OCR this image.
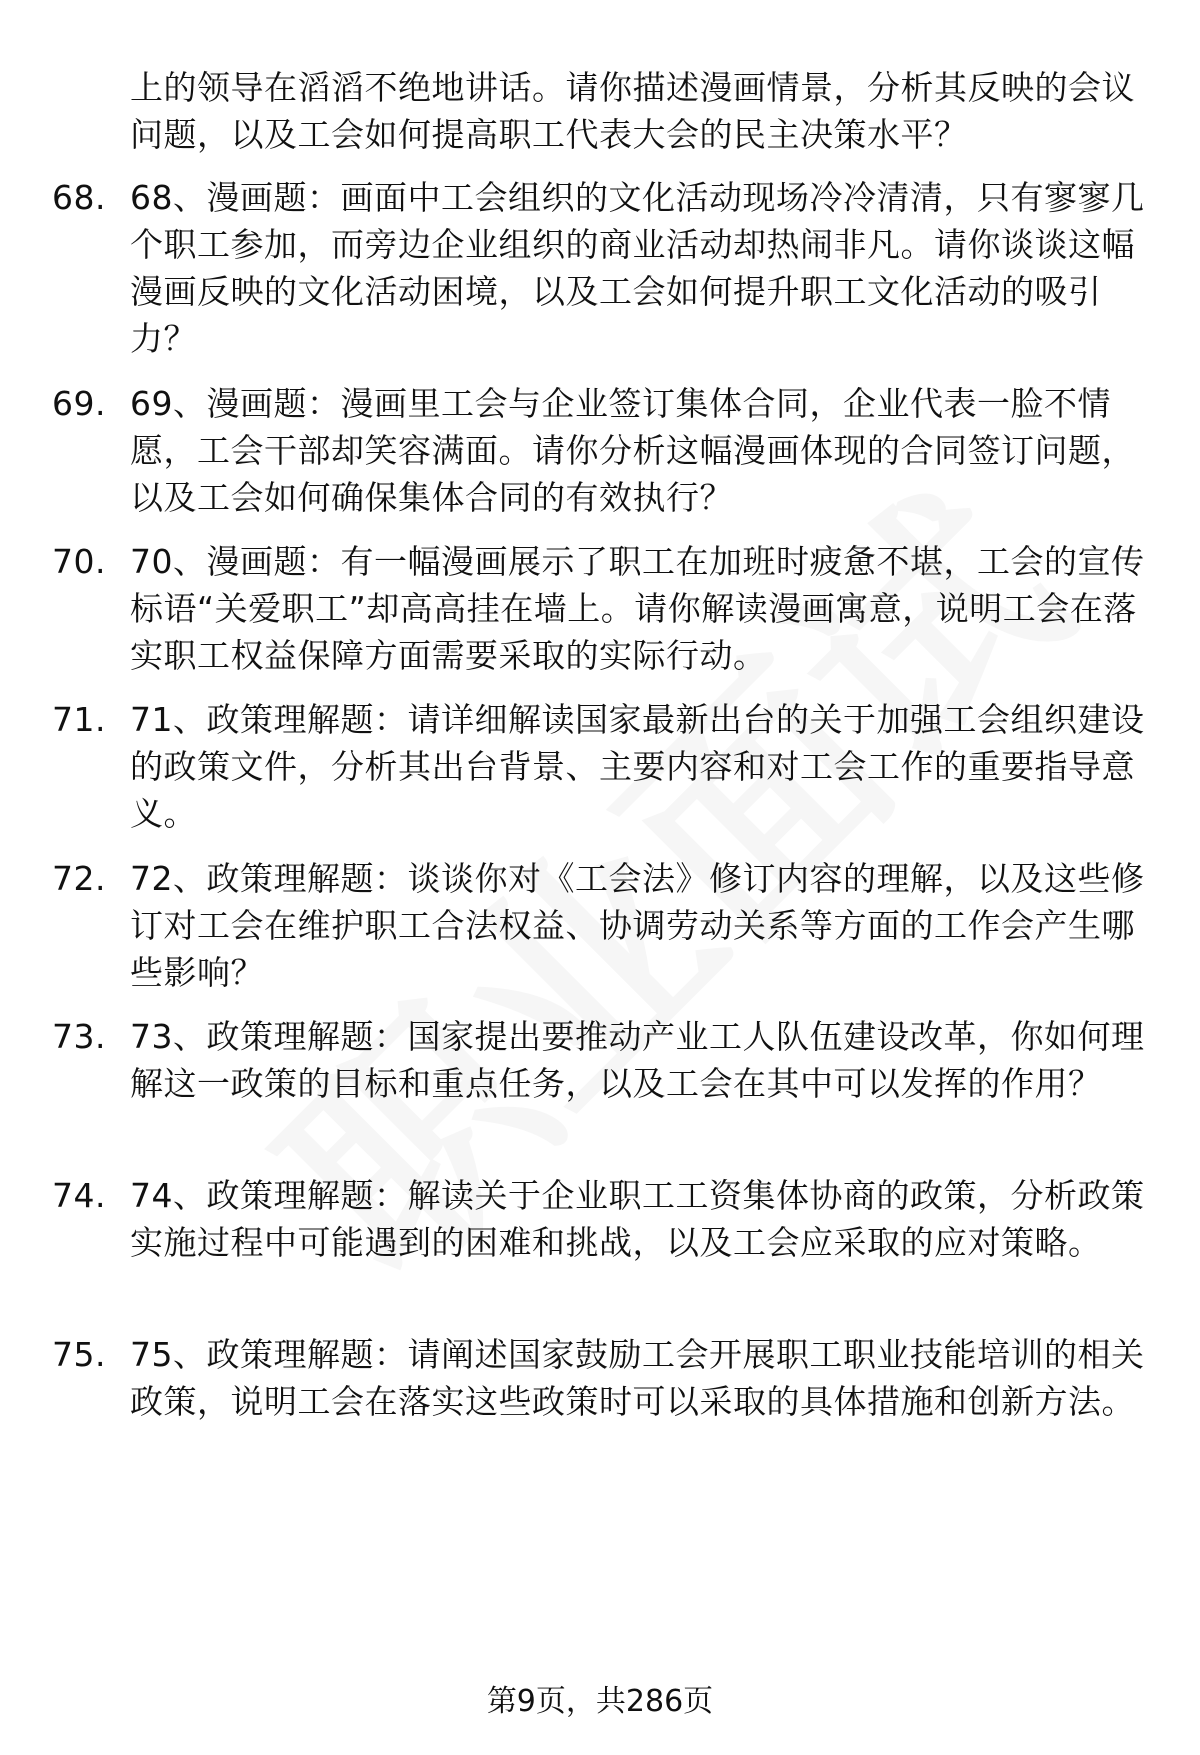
上的领导在滔滔不绝地讲话。请你描述漫画情景，分析其反映的会议问题，以及工会如何提高职工代表大会的民主决策水平？
68. 68、漫画题：画面中工会组织的文化活动现场冷冷清清，只有寥寥几个职工参加，而旁边企业组织的商业活动却热闹非凡。请你谈谈这幅漫画反映的文化活动困境，以及工会如何提升职工文化活动的吸引力？
69. 69、漫画题：漫画里工会与企业签订集体合同，企业代表一脸不情愿，工会干部却笑容满面。请你分析这幅漫画体现的合同签订问题，以及工会如何确保集体合同的有效执行？
70. 70、漫画题：有一幅漫画展示了职工在加班时疲惫不堪，工会的宣传标语“关爱职工”却高高挂在墙上。请你解读漫画寓意，说明工会在落实职工权益保障方面需要采取的实际行动。
71. 71、政策理解题：请详细解读国家最新出台的关于加强工会组织建设的政策文件，分析其出台背景、主要内容和对工会工作的重要指导意义。
72. 72、政策理解题：谈谈你对《工会法》修订内容的理解，以及这些修订对工会在维护职工合法权益、协调劳动关系等方面的工作会产生哪些影响？
73. 73、政策理解题：国家提出要推动产业工人队伍建设改革，你如何理解这一政策的目标和重点任务，以及工会在其中可以发挥的作用？
74. 74、政策理解题：解读关于企业职工工资集体协商的政策，分析政策实施过程中可能遇到的困难和挑战，以及工会应采取的应对策略。
75. 75、政策理解题：请阐述国家鼓励工会开展职工职业技能培训的相关政策，说明工会在落实这些政策时可以采取的具体措施和创新方法。
第9页，共286页
